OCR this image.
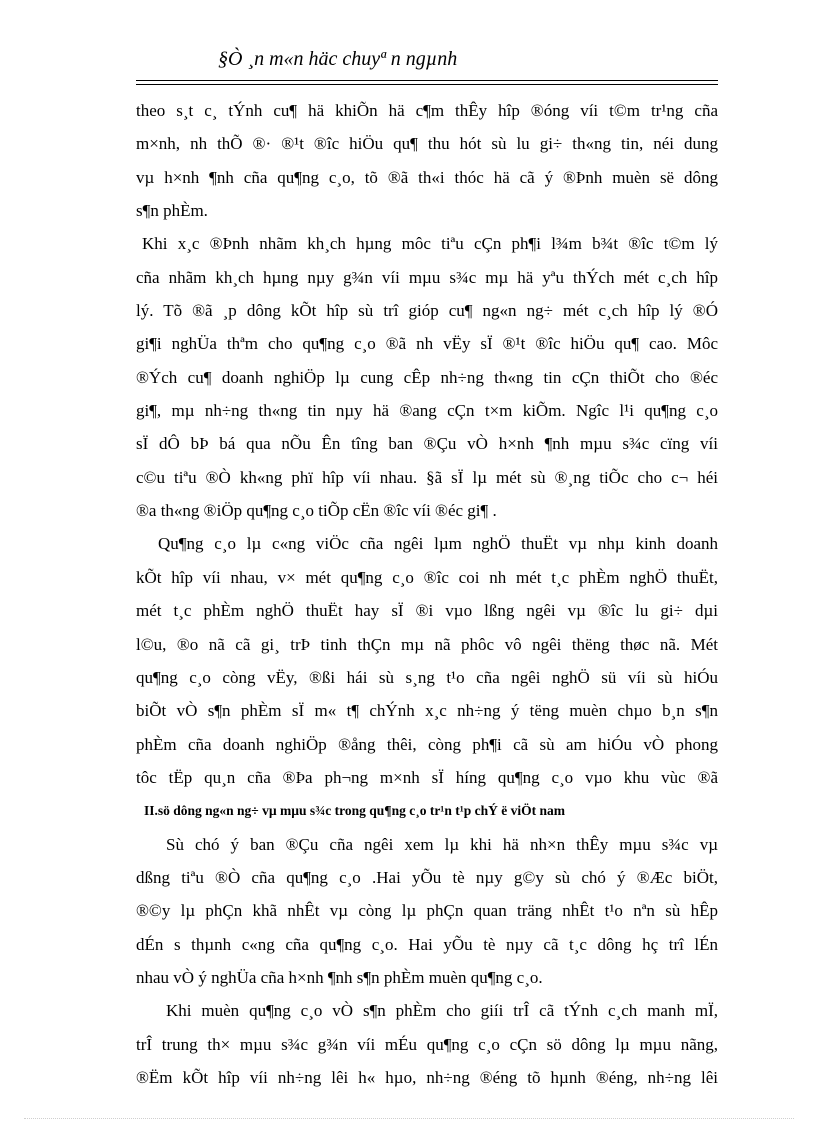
§Ò ¸n m«n häc chuyª n ngµnh
theo s¸t c¸ tÝnh cu¶ hä khiÕn hä c¶m thÊy hîp ®óng víi t©m tr¹ng cña
m×nh, nh thÕ ®· ®¹t ®îc hiÖu qu¶ thu hót sù lu gi÷ th«ng tin, néi dung
vµ h×nh ¶nh cña qu¶ng c¸o, tõ ®ã th«i thóc hä cã ý ®Þnh muèn së dông
s¶n phÈm.
Khi x¸c ®Þnh nhãm kh¸ch hµng môc tiªu cÇn ph¶i l¾m b¾t ®îc t©m lý
cña nhãm kh¸ch hµng nµy g¾n víi mµu s¾c mµ hä yªu thÝch mét c¸ch hîp
lý. Tõ ®ã ¸p dông kÕt hîp sù trî gióp cu¶ ng«n ng÷ mét c¸ch hîp lý ®Ó
gi¶i nghÜa thªm cho qu¶ng c¸o ®ã nh vËy sÏ ®¹t ®îc hiÖu qu¶ cao. Môc
®Ých cu¶ doanh nghiÖp lµ cung cÊp nh÷ng th«ng tin cÇn thiÕt cho ®éc
gi¶, mµ nh÷ng th«ng tin nµy hä ®ang cÇn t×m kiÕm. Ngîc l¹i qu¶ng c¸o
sÏ dÔ bÞ bá qua nÕu Ên tîng ban ®Çu vÒ h×nh ¶nh mµu s¾c cïng víi
c©u tiªu ®Ò kh«ng phï hîp víi nhau. §ã sÏ lµ mét sù ®¸ng tiÕc cho c¬ héi
®a th«ng ®iÖp qu¶ng c¸o tiÕp cËn ®îc víi ®éc gi¶ .
Qu¶ng c¸o lµ c«ng viÖc cña ngêi lµm nghÖ thuËt vµ nhµ kinh doanh
kÕt hîp víi nhau, v× mét qu¶ng c¸o ®îc coi nh mét t¸c phÈm nghÖ thuËt,
mét t¸c phÈm nghÖ thuËt hay sÏ ®i vµo lßng ngêi vµ ®îc lu gi÷ dµi
l©u, ®o nã cã gi¸ trÞ tinh thÇn mµ nã phôc vô ngêi thëng thøc nã. Mét
qu¶ng c¸o còng vËy, ®ßi hái sù s¸ng t¹o cña ngêi nghÖ sü víi sù hiÓu
biÕt vÒ s¶n phÈm sÏ m« t¶ chÝnh x¸c nh÷ng ý tëng muèn chµo b¸n s¶n
phÈm cña doanh nghiÖp ®ång thêi, còng ph¶i cã sù am hiÓu vÒ phong
tôc tËp qu¸n cña ®Þa ph¬ng m×nh sÏ híng qu¶ng c¸o vµo khu vùc ®ã
II.sö dông ng«n ng÷ vµ mµu s¾c trong qu¶ng c¸o tr¹n t¹p chÝ ë viÖt nam
Sù chó ý ban ®Çu cña ngêi xem lµ khi hä nh×n thÊy mµu s¾c vµ
dßng tiªu ®Ò cña qu¶ng c¸o .Hai yÕu tè nµy g©y sù chó ý ®Æc biÖt,
®©y lµ phÇn khã nhÊt vµ còng lµ phÇn quan träng nhÊt t¹o nªn sù hÊp
dÉn s thµnh c«ng cña qu¶ng c¸o. Hai yÕu tè nµy cã t¸c dông hç trî lÉn
nhau vÒ ý nghÜa cña h×nh ¶nh s¶n phÈm muèn qu¶ng c¸o.
Khi muèn qu¶ng c¸o vÒ s¶n phÈm cho giíi trÎ cã tÝnh c¸ch manh mÏ,
trÎ trung th× mµu s¾c g¾n víi mÉu qu¶ng c¸o cÇn sö dông lµ mµu nãng,
®Ëm kÕt hîp víi nh÷ng lêi h« hµo, nh÷ng ®éng tõ hµnh ®éng, nh÷ng lêi
